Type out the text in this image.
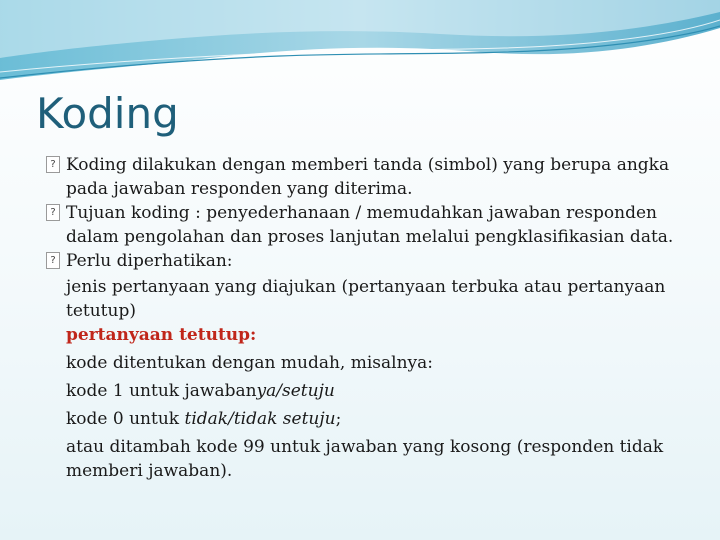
Koding
? Koding dilakukan dengan memberi tanda (simbol) yang berupa angka pada jawaban responden yang diterima.
? Tujuan koding : penyederhanaan / memudahkan jawaban responden dalam pengolahan dan proses lanjutan melalui pengklasifikasian data.
? Perlu diperhatikan:
jenis pertanyaan yang diajukan (pertanyaan terbuka atau pertanyaan tetutup)
pertanyaan tetutup:
kode ditentukan dengan mudah, misalnya:
kode 1 untuk jawabanya/setuju
kode 0 untuk tidak/tidak setuju;
atau ditambah kode 99 untuk jawaban yang kosong (responden tidak memberi jawaban).
